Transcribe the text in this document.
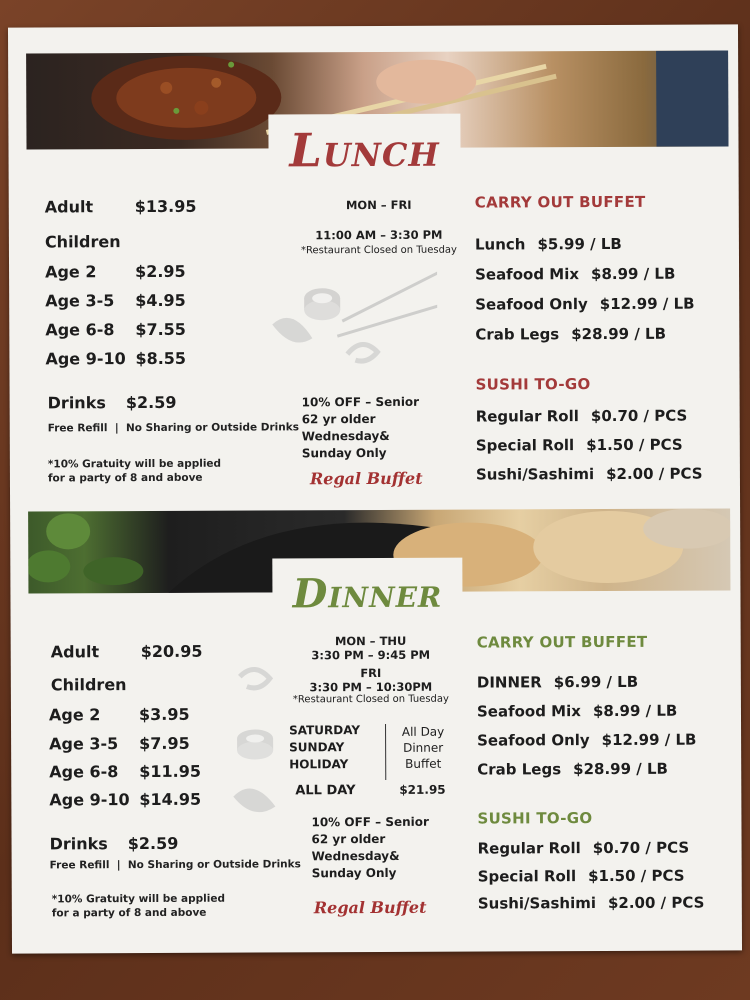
Lunch
Adult	$13.95
Children
Age 2	$2.95
Age 3-5	$4.95
Age 6-8	$7.55
Age 9-10 $8.55
Drinks $2.59
Free Refill  |  No Sharing or Outside Drinks
*10% Gratuity will be applied
for a party of 8 and above
MON – FRI
11:00 AM – 3:30 PM
*Restaurant Closed on Tuesday
10% OFF – Senior
62 yr older
Wednesday&
Sunday Only
Regal Buffet
CARRY OUT BUFFET
Lunch $5.99 / LB
Seafood Mix $8.99 / LB
Seafood Only $12.99 / LB
Crab Legs $28.99 / LB
SUSHI TO-GO
Regular Roll $0.70 / PCS
Special Roll $1.50 / PCS
Sushi/Sashimi $2.00 / PCS
Dinner
Adult	$20.95
Children
Age 2	$3.95
Age 3-5	$7.95
Age 6-8	$11.95
Age 9-10 $14.95
Drinks $2.59
Free Refill  |  No Sharing or Outside Drinks
*10% Gratuity will be applied
for a party of 8 and above
MON – THU
3:30 PM – 9:45 PM
FRI
3:30 PM – 10:30PM
*Restaurant Closed on Tuesday
SATURDAY
SUNDAY
HOLIDAY
All Day
Dinner
Buffet
ALL DAY	$21.95
10% OFF – Senior
62 yr older
Wednesday&
Sunday Only
Regal Buffet
CARRY OUT BUFFET
DINNER $6.99 / LB
Seafood Mix $8.99 / LB
Seafood Only $12.99 / LB
Crab Legs $28.99 / LB
SUSHI TO-GO
Regular Roll $0.70 / PCS
Special Roll $1.50 / PCS
Sushi/Sashimi $2.00 / PCS
